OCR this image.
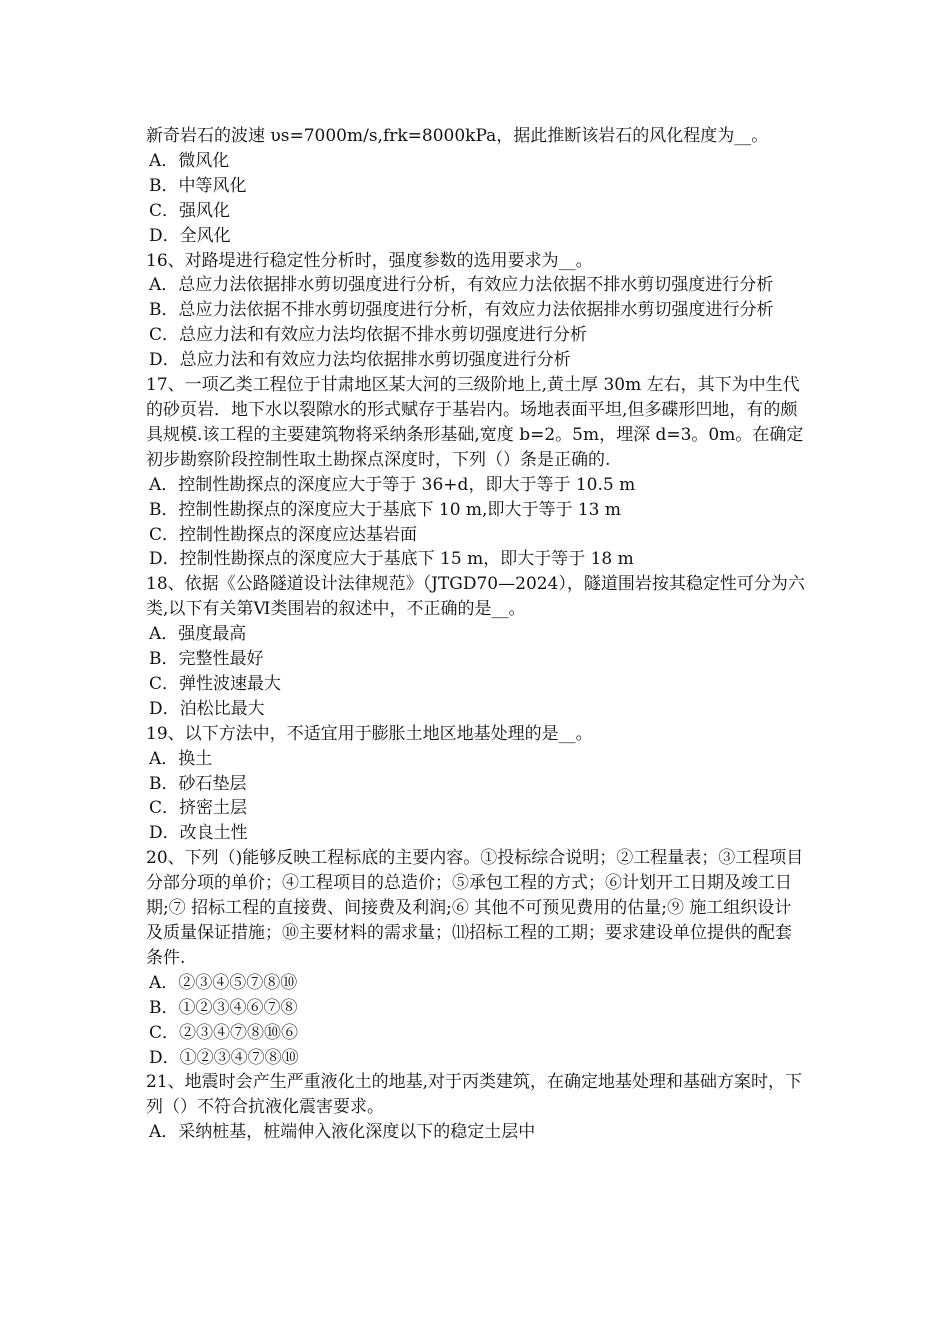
新奇岩石的波速 υs=7000m/s,frk=8000kPa，据此推断该岩石的风化程度为__。

A．微风化

B．中等风化

C．强风化

D．全风化

16、对路堤进行稳定性分析时，强度参数的选用要求为__。

A．总应力法依据排水剪切强度进行分析，有效应力法依据不排水剪切强度进行分析

B．总应力法依据不排水剪切强度进行分析，有效应力法依据排水剪切强度进行分析

C．总应力法和有效应力法均依据不排水剪切强度进行分析

D．总应力法和有效应力法均依据排水剪切强度进行分析

17、一项乙类工程位于甘肃地区某大河的三级阶地上,黄土厚 30m 左右，其下为中生代的砂页岩．地下水以裂隙水的形式赋存于基岩内。场地表面平坦,但多碟形凹地，有的颇具规模.该工程的主要建筑物将采纳条形基础,宽度 b=2。5m，埋深 d=3。0m。在确定初步勘察阶段控制性取土勘探点深度时，下列（）条是正确的.

A．控制性勘探点的深度应大于等于 36+d，即大于等于 10.5 m

B．控制性勘探点的深度应大于基底下 10 m,即大于等于 13 m

C．控制性勘探点的深度应达基岩面

D．控制性勘探点的深度应大于基底下 15 m，即大于等于 18 m

18、依据《公路隧道设计法律规范》（JTGD70—2024），隧道围岩按其稳定性可分为六类,以下有关第Ⅵ类围岩的叙述中，不正确的是__。

A．强度最高

B．完整性最好

C．弹性波速最大

D．泊松比最大

19、以下方法中，不适宜用于膨胀土地区地基处理的是__。

A．换土

B．砂石垫层

C．挤密土层

D．改良土性

20、下列（)能够反映工程标底的主要内容。①投标综合说明；②工程量表；③工程项目分部分项的单价；④工程项目的总造价；⑤承包工程的方式；⑥计划开工日期及竣工日期;⑦ 招标工程的直接费、间接费及利润;⑥ 其他不可预见费用的估量;⑨ 施工组织设计及质量保证措施；⑩主要材料的需求量；⑾招标工程的工期；要求建设单位提供的配套条件.

A．②③④⑤⑦⑧⑩

B．①②③④⑥⑦⑧

C．②③④⑦⑧⑩⑥

D．①②③④⑦⑧⑩

21、地震时会产生严重液化土的地基,对于丙类建筑，在确定地基处理和基础方案时，下列（）不符合抗液化震害要求。

A．采纳桩基，桩端伸入液化深度以下的稳定土层中
